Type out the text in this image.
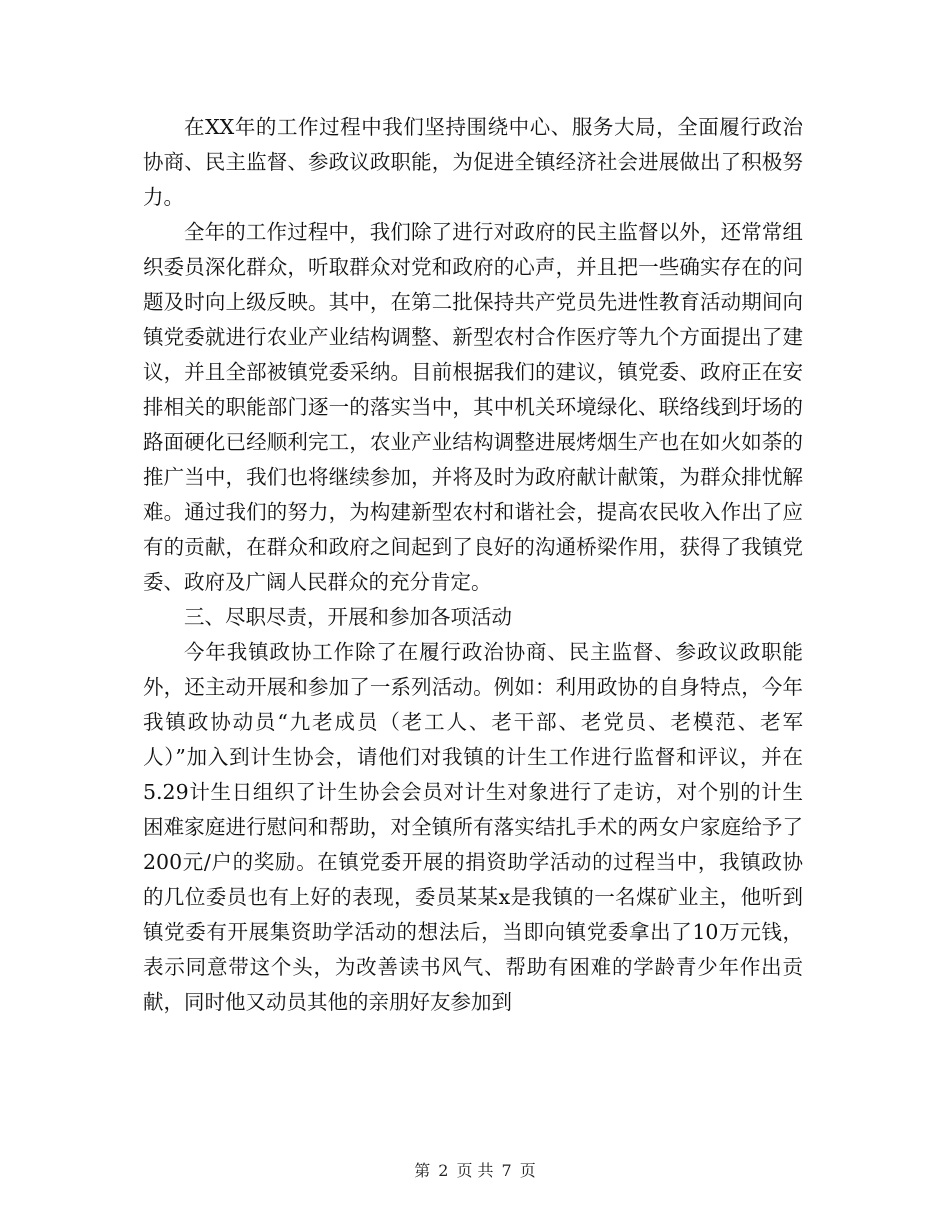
在XX年的工作过程中我们坚持围绕中心、服务大局，全面履行政治协商、民主监督、参政议政职能，为促进全镇经济社会进展做出了积极努力。

全年的工作过程中，我们除了进行对政府的民主监督以外，还常常组织委员深化群众，听取群众对党和政府的心声，并且把一些确实存在的问题及时向上级反映。其中，在第二批保持共产党员先进性教育活动期间向镇党委就进行农业产业结构调整、新型农村合作医疗等九个方面提出了建议，并且全部被镇党委采纳。目前根据我们的建议，镇党委、政府正在安排相关的职能部门逐一的落实当中，其中机关环境绿化、联络线到圩场的路面硬化已经顺利完工，农业产业结构调整进展烤烟生产也在如火如荼的推广当中，我们也将继续参加，并将及时为政府献计献策，为群众排忧解难。通过我们的努力，为构建新型农村和谐社会，提高农民收入作出了应有的贡献，在群众和政府之间起到了良好的沟通桥梁作用，获得了我镇党委、政府及广阔人民群众的充分肯定。

三、尽职尽责，开展和参加各项活动

今年我镇政协工作除了在履行政治协商、民主监督、参政议政职能外，还主动开展和参加了一系列活动。例如：利用政协的自身特点，今年我镇政协动员“九老成员（老工人、老干部、老党员、老模范、老军人）”加入到计生协会，请他们对我镇的计生工作进行监督和评议，并在5.29计生日组织了计生协会会员对计生对象进行了走访，对个别的计生困难家庭进行慰问和帮助，对全镇所有落实结扎手术的两女户家庭给予了200元/户的奖励。在镇党委开展的捐资助学活动的过程当中，我镇政协的几位委员也有上好的表现，委员某某x是我镇的一名煤矿业主，他听到镇党委有开展集资助学活动的想法后，当即向镇党委拿出了10万元钱，表示同意带这个头，为改善读书风气、帮助有困难的学龄青少年作出贡献，同时他又动员其他的亲朋好友参加到

第 2 页 共 7 页
